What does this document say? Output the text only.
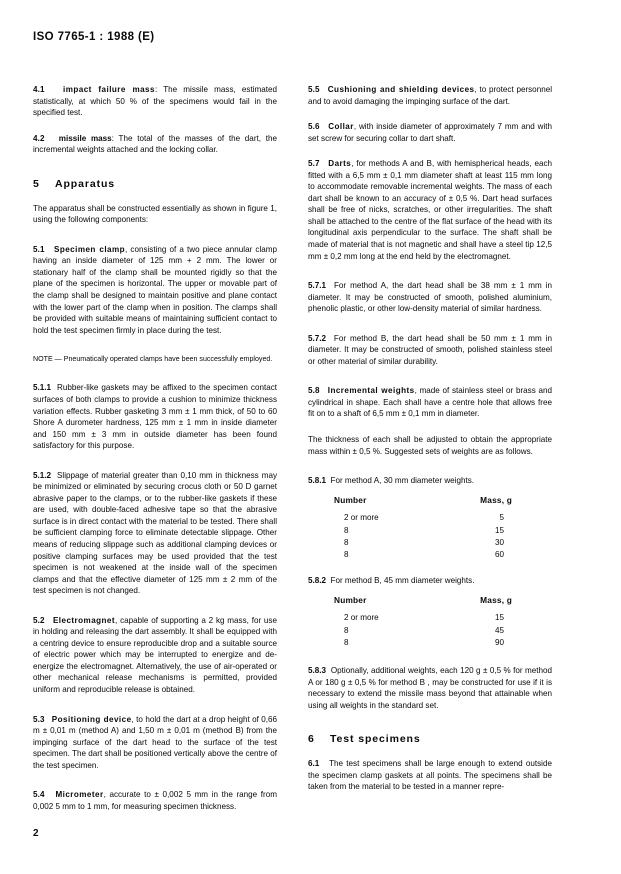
ISO 7765-1 : 1988 (E)

4.1 impact failure mass: The missile mass, estimated statistically, at which 50 % of the specimens would fail in the specified test.

4.2 missile mass: The total of the masses of the dart, the incremental weights attached and the locking collar.

5 Apparatus

The apparatus shall be constructed essentially as shown in figure 1, using the following components:

5.1 Specimen clamp, consisting of a two piece annular clamp having an inside diameter of 125 mm + 2 mm. The lower or stationary half of the clamp shall be mounted rigidly so that the plane of the specimen is horizontal. The upper or movable part of the clamp shall be designed to maintain positive and plane contact with the lower part of the clamp when in position. The clamps shall be provided with suitable means of maintaining sufficient contact to hold the test specimen firmly in place during the test.

NOTE — Pneumatically operated clamps have been successfully employed.

5.1.1 Rubber-like gaskets may be affixed to the specimen contact surfaces of both clamps to provide a cushion to minimize thickness variation effects. Rubber gasketing 3 mm ± 1 mm thick, of 50 to 60 Shore A durometer hardness, 125 mm ± 1 mm in inside diameter and 150 mm ± 3 mm in outside diameter has been found satisfactory for this purpose.

5.1.2 Slippage of material greater than 0,10 mm in thickness may be minimized or eliminated by securing crocus cloth or 50 D garnet abrasive paper to the clamps, or to the rubber-like gaskets if these are used, with double-faced adhesive tape so that the abrasive surface is in direct contact with the material to be tested. There shall be sufficient clamping force to eliminate detectable slippage. Other means of reducing slippage such as additional clamping devices or positive clamping surfaces may be used provided that the test specimen is not weakened at the inside wall of the specimen clamps and that the effective diameter of 125 mm ± 2 mm of the test specimen is not changed.

5.2 Electromagnet, capable of supporting a 2 kg mass, for use in holding and releasing the dart assembly. It shall be equipped with a centring device to ensure reproducible drop and a suitable source of electric power which may be interrupted to energize and de-energize the electromagnet. Alternatively, the use of air-operated or other mechanical release mechanisms is permitted, provided uniform and reproducible release is obtained.

5.3 Positioning device, to hold the dart at a drop height of 0,66 m ± 0,01 m (method A) and 1,50 m ± 0,01 m (method B) from the impinging surface of the dart head to the surface of the test specimen. The dart shall be positioned vertically above the centre of the test specimen.

5.4 Micrometer, accurate to ± 0,002 5 mm in the range from 0,002 5 mm to 1 mm, for measuring specimen thickness.

5.5 Cushioning and shielding devices, to protect personnel and to avoid damaging the impinging surface of the dart.

5.6 Collar, with inside diameter of approximately 7 mm and with set screw for securing collar to dart shaft.

5.7 Darts, for methods A and B, with hemispherical heads, each fitted with a 6,5 mm ± 0,1 mm diameter shaft at least 115 mm long to accommodate removable incremental weights. The mass of each dart shall be known to an accuracy of ± 0,5 %. Dart head surfaces shall be free of nicks, scratches, or other irregularities. The shaft shall be attached to the centre of the flat surface of the head with its longitudinal axis perpendicular to the surface. The shaft shall be made of material that is not magnetic and shall have a steel tip 12,5 mm ± 0,2 mm long at the end held by the electromagnet.

5.7.1 For method A, the dart head shall be 38 mm ± 1 mm in diameter. It may be constructed of smooth, polished aluminium, phenolic plastic, or other low-density material of similar hardness.

5.7.2 For method B, the dart head shall be 50 mm ± 1 mm in diameter. It may be constructed of smooth, polished stainless steel or other material of similar durability.

5.8 Incremental weights, made of stainless steel or brass and cylindrical in shape. Each shall have a centre hole that allows free fit on to a shaft of 6,5 mm ± 0,1 mm in diameter.

The thickness of each shall be adjusted to obtain the appropriate mass within ± 0,5 %. Suggested sets of weights are as follows.

5.8.1 For method A, 30 mm diameter weights.

Number	Mass, g
2 or more	5
8	15
8	30
8	60

5.8.2 For method B, 45 mm diameter weights.

Number	Mass, g
2 or more	15
8	45
8	90

5.8.3 Optionally, additional weights, each 120 g ± 0,5 % for method A or 180 g ± 0,5 % for method B , may be constructed for use if it is necessary to extend the missile mass beyond that attainable when using all weights in the standard set.

6 Test specimens

6.1 The test specimens shall be large enough to extend outside the specimen clamp gaskets at all points. The specimens shall be taken from the material to be tested in a manner repre-

2
